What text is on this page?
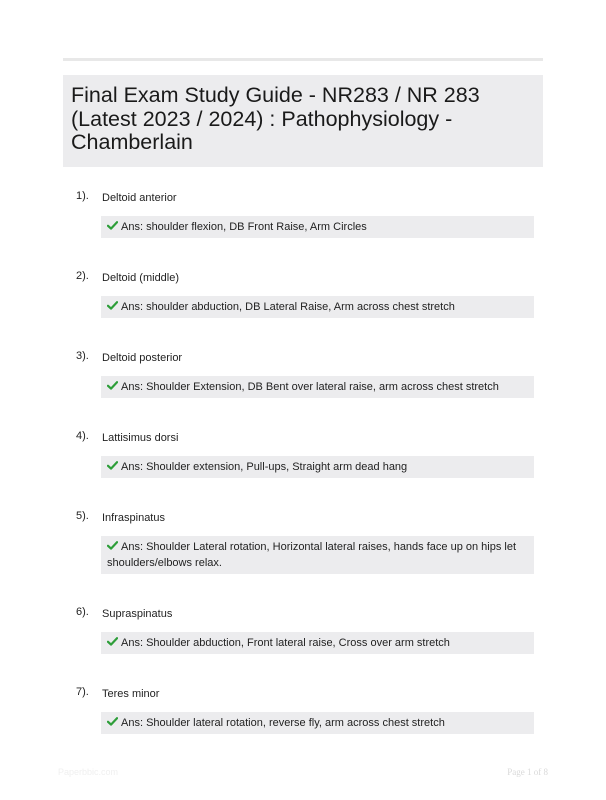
Final Exam Study Guide - NR283 / NR 283 (Latest 2023 / 2024) : Pathophysiology - Chamberlain
1). Deltoid anterior
Ans: shoulder flexion, DB Front Raise, Arm Circles
2). Deltoid (middle)
Ans: shoulder abduction, DB Lateral Raise, Arm across chest stretch
3). Deltoid posterior
Ans: Shoulder Extension, DB Bent over lateral raise, arm across chest stretch
4). Lattisimus dorsi
Ans: Shoulder extension, Pull-ups, Straight arm dead hang
5). Infraspinatus
Ans: Shoulder Lateral rotation, Horizontal lateral raises, hands face up on hips let shoulders/elbows relax.
6). Supraspinatus
Ans: Shoulder abduction, Front lateral raise, Cross over arm stretch
7). Teres minor
Ans: Shoulder lateral rotation, reverse fly, arm across chest stretch
Paperbbic.com	Page 1 of 8
